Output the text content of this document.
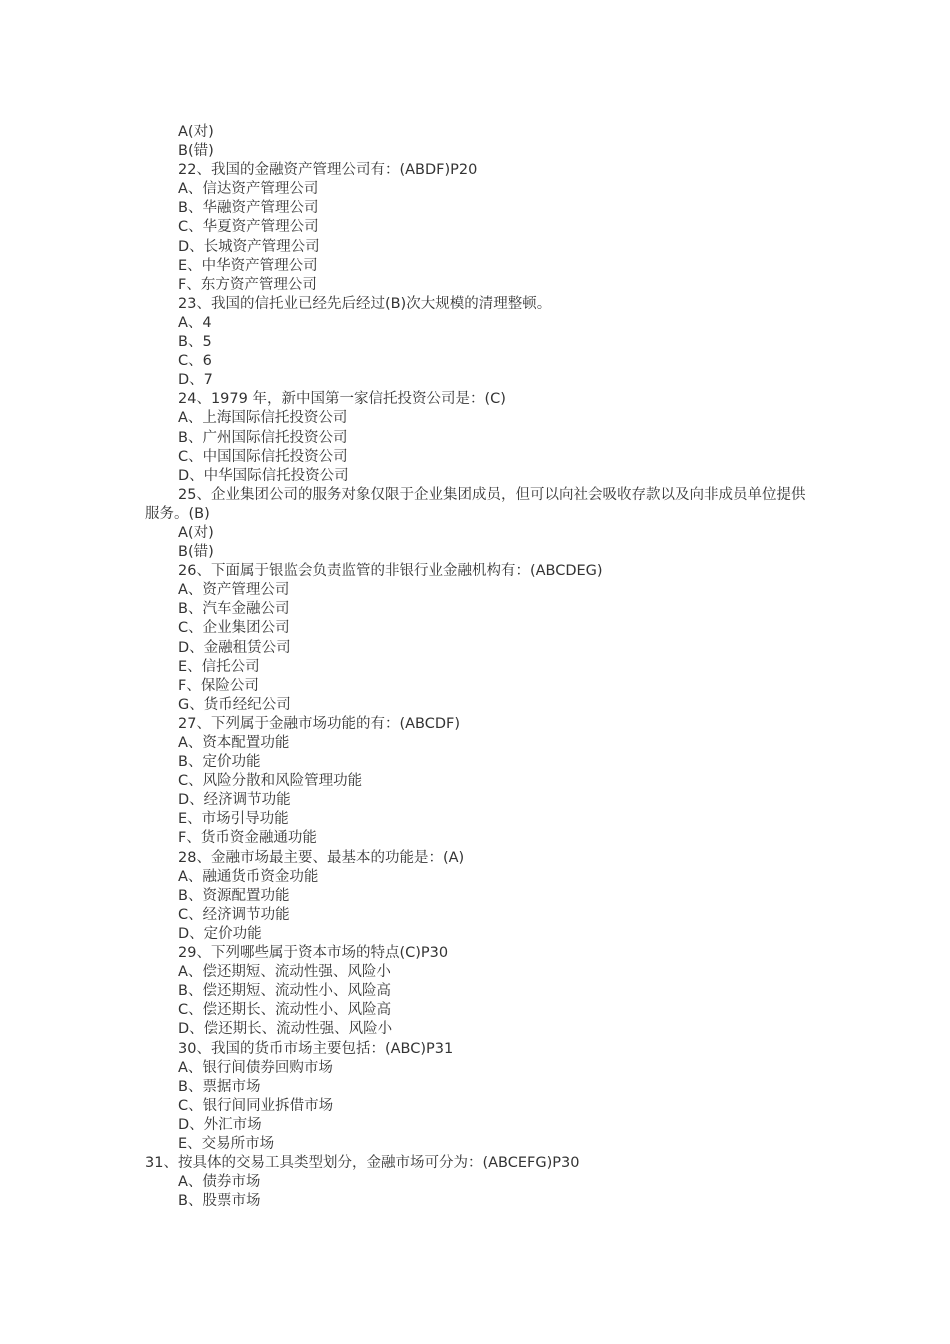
A(对)
B(错)
22、我国的金融资产管理公司有：(ABDF)P20
A、信达资产管理公司
B、华融资产管理公司
C、华夏资产管理公司
D、长城资产管理公司
E、中华资产管理公司
F、东方资产管理公司
23、我国的信托业已经先后经过(B)次大规模的清理整顿。
A、4
B、5
C、6
D、7
24、1979 年，新中国第一家信托投资公司是：(C)
A、上海国际信托投资公司
B、广州国际信托投资公司
C、中国国际信托投资公司
D、中华国际信托投资公司
25、企业集团公司的服务对象仅限于企业集团成员，但可以向社会吸收存款以及向非成员单位提供服务。(B)
A(对)
B(错)
26、下面属于银监会负责监管的非银行业金融机构有：(ABCDEG)
A、资产管理公司
B、汽车金融公司
C、企业集团公司
D、金融租赁公司
E、信托公司
F、保险公司
G、货币经纪公司
27、下列属于金融市场功能的有：(ABCDF)
A、资本配置功能
B、定价功能
C、风险分散和风险管理功能
D、经济调节功能
E、市场引导功能
F、货币资金融通功能
28、金融市场最主要、最基本的功能是：(A)
A、融通货币资金功能
B、资源配置功能
C、经济调节功能
D、定价功能
29、下列哪些属于资本市场的特点(C)P30
A、偿还期短、流动性强、风险小
B、偿还期短、流动性小、风险高
C、偿还期长、流动性小、风险高
D、偿还期长、流动性强、风险小
30、我国的货币市场主要包括：(ABC)P31
A、银行间债券回购市场
B、票据市场
C、银行间同业拆借市场
D、外汇市场
E、交易所市场
31、按具体的交易工具类型划分，金融市场可分为：(ABCEFG)P30
A、债券市场
B、股票市场
